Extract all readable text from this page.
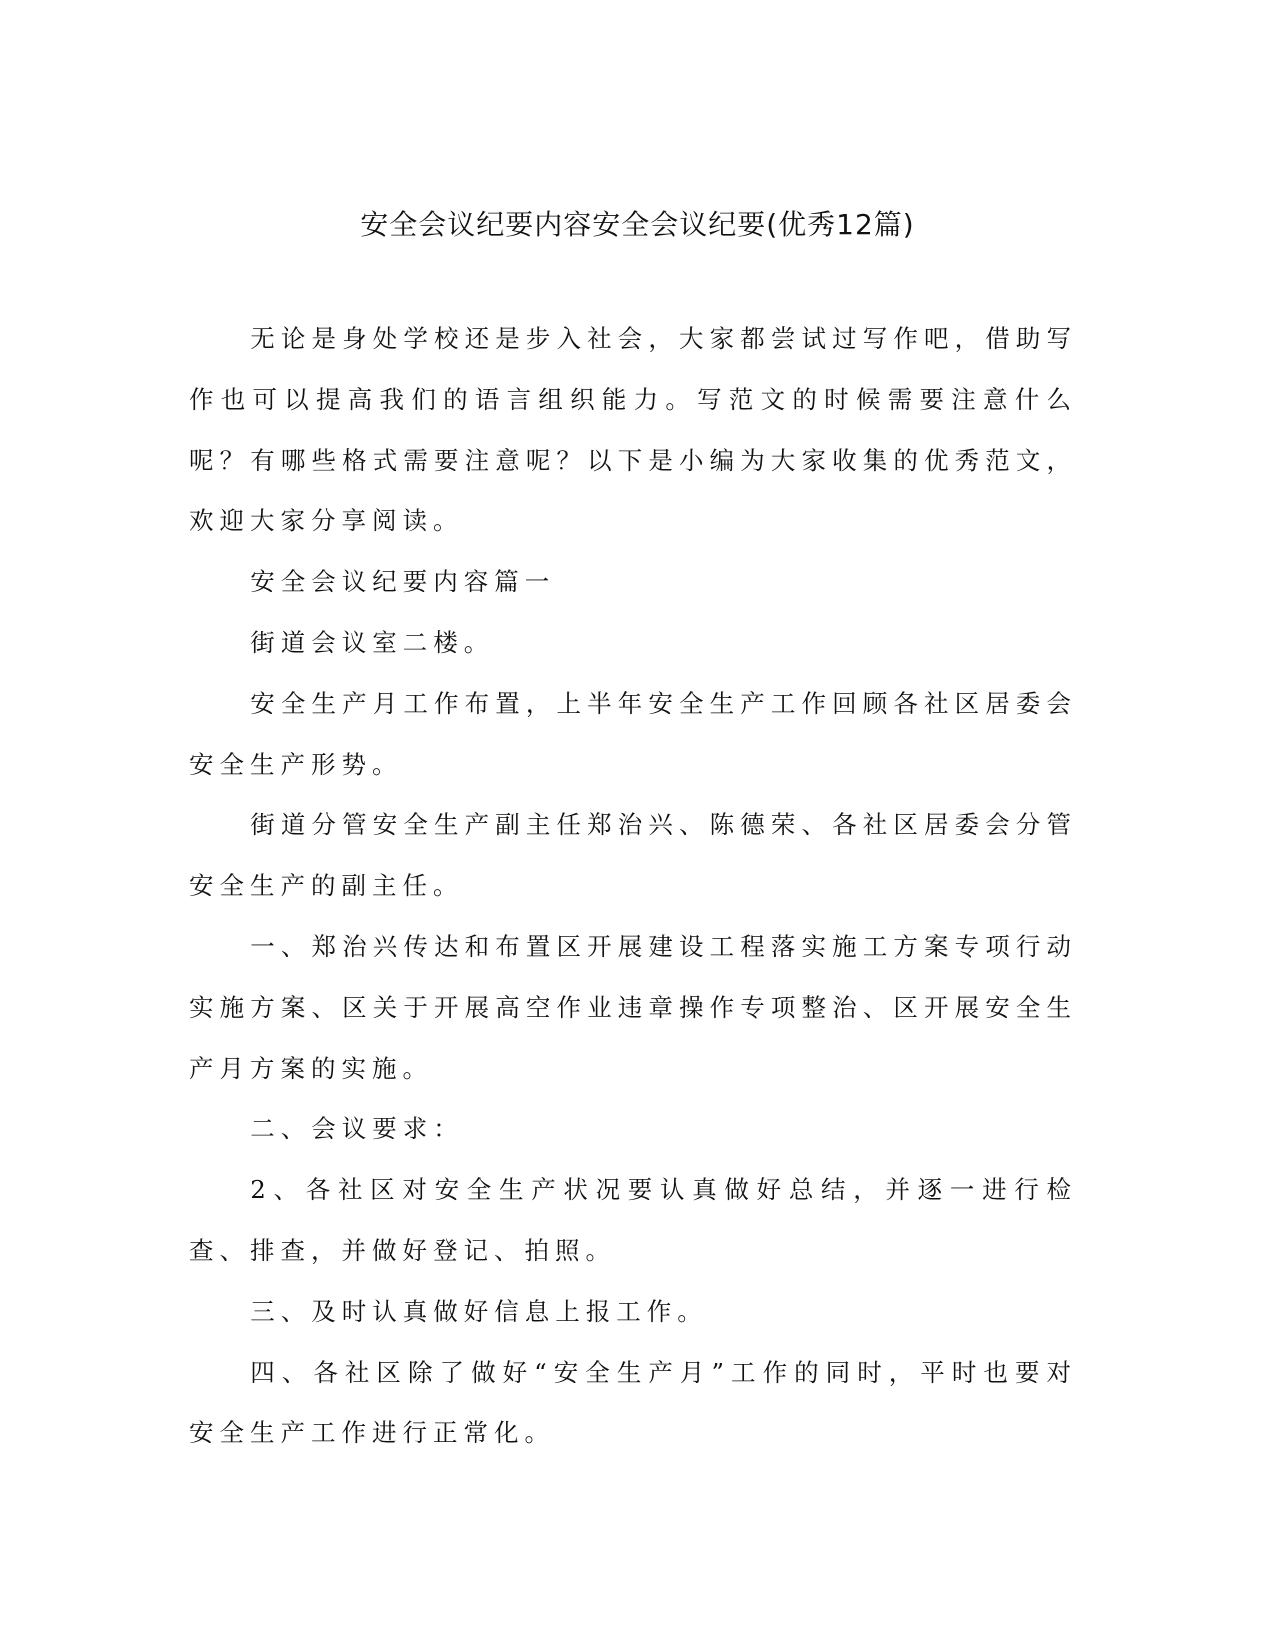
安全会议纪要内容安全会议纪要(优秀12篇)

无论是身处学校还是步入社会，大家都尝试过写作吧，借助写作也可以提高我们的语言组织能力。写范文的时候需要注意什么呢？有哪些格式需要注意呢？以下是小编为大家收集的优秀范文，欢迎大家分享阅读。

安全会议纪要内容篇一

街道会议室二楼。

安全生产月工作布置，上半年安全生产工作回顾各社区居委会安全生产形势。

街道分管安全生产副主任郑治兴、陈德荣、各社区居委会分管安全生产的副主任。

一、郑治兴传达和布置区开展建设工程落实施工方案专项行动实施方案、区关于开展高空作业违章操作专项整治、区开展安全生产月方案的实施。

二、会议要求：

2、各社区对安全生产状况要认真做好总结，并逐一进行检查、排查，并做好登记、拍照。

三、及时认真做好信息上报工作。

四、各社区除了做好“安全生产月”工作的同时，平时也要对安全生产工作进行正常化。
